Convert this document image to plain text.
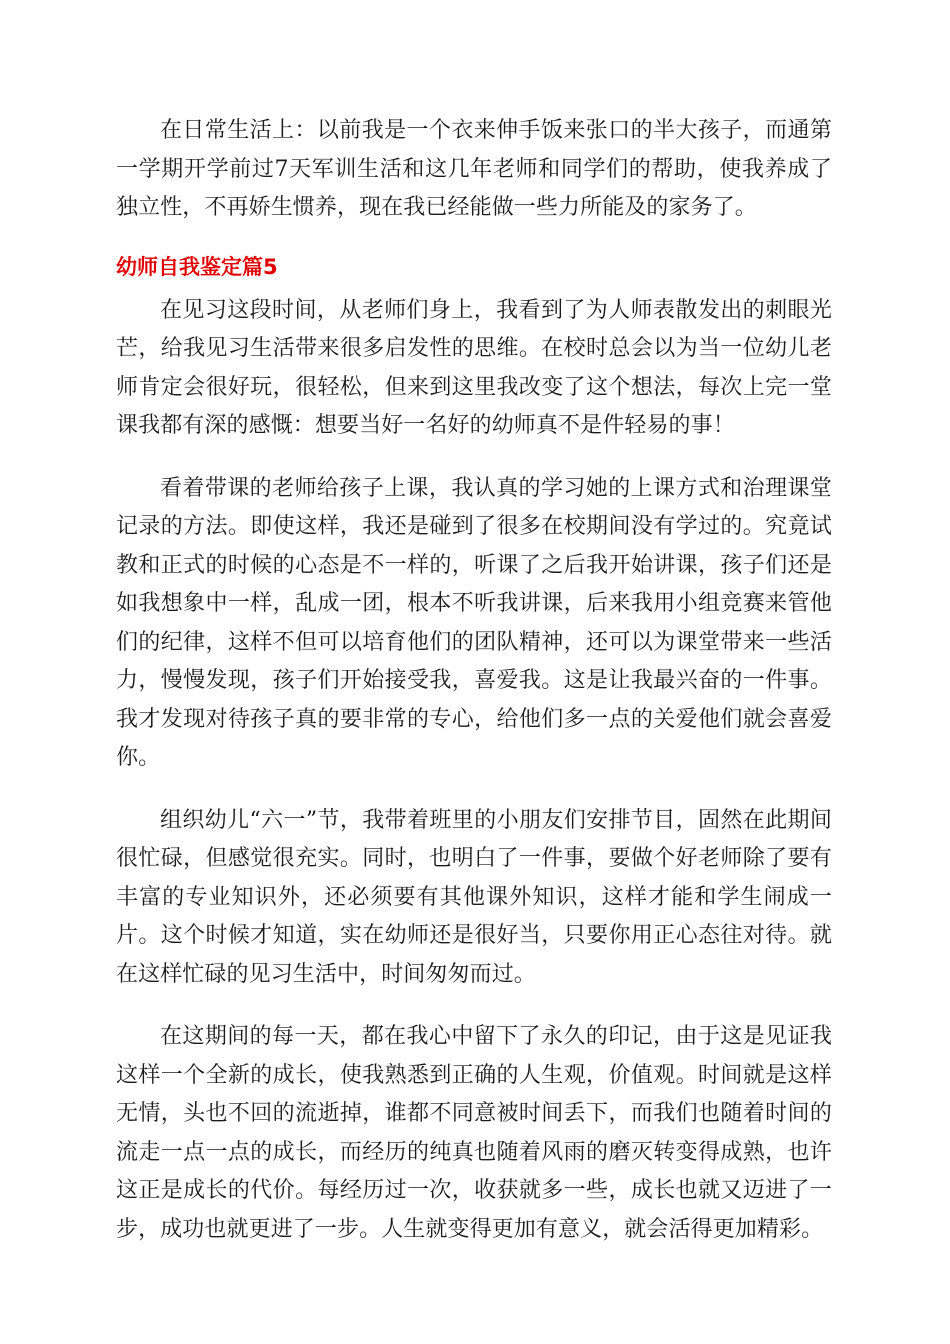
在日常生活上：以前我是一个衣来伸手饭来张口的半大孩子，而通第一学期开学前过7天军训生活和这几年老师和同学们的帮助，使我养成了独立性，不再娇生惯养，现在我已经能做一些力所能及的家务了。

幼师自我鉴定篇5

在见习这段时间，从老师们身上，我看到了为人师表散发出的刺眼光芒，给我见习生活带来很多启发性的思维。在校时总会以为当一位幼儿老师肯定会很好玩，很轻松，但来到这里我改变了这个想法，每次上完一堂课我都有深的感慨：想要当好一名好的幼师真不是件轻易的事！

看着带课的老师给孩子上课，我认真的学习她的上课方式和治理课堂记录的方法。即使这样，我还是碰到了很多在校期间没有学过的。究竟试教和正式的时候的心态是不一样的，听课了之后我开始讲课，孩子们还是如我想象中一样，乱成一团，根本不听我讲课，后来我用小组竞赛来管他们的纪律，这样不但可以培育他们的团队精神，还可以为课堂带来一些活力，慢慢发现，孩子们开始接受我，喜爱我。这是让我最兴奋的一件事。我才发现对待孩子真的要非常的专心，给他们多一点的关爱他们就会喜爱你。

组织幼儿“六一”节，我带着班里的小朋友们安排节目，固然在此期间很忙碌，但感觉很充实。同时，也明白了一件事，要做个好老师除了要有丰富的专业知识外，还必须要有其他课外知识，这样才能和学生闹成一片。这个时候才知道，实在幼师还是很好当，只要你用正心态往对待。就在这样忙碌的见习生活中，时间匆匆而过。

在这期间的每一天，都在我心中留下了永久的印记，由于这是见证我这样一个全新的成长，使我熟悉到正确的人生观，价值观。时间就是这样无情，头也不回的流逝掉，谁都不同意被时间丢下，而我们也随着时间的流走一点一点的成长，而经历的纯真也随着风雨的磨灭转变得成熟，也许这正是成长的代价。每经历过一次，收获就多一些，成长也就又迈进了一步，成功也就更进了一步。人生就变得更加有意义，就会活得更加精彩。
